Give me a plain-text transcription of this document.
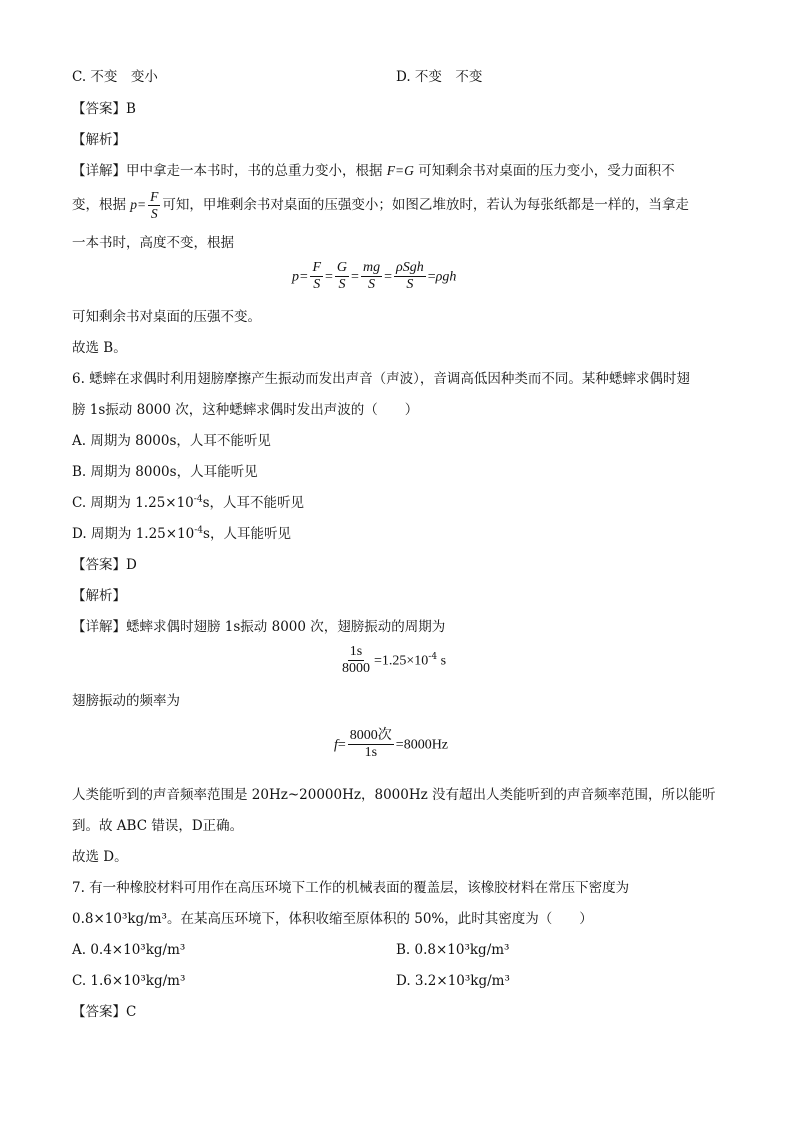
C. 不变　变小	D. 不变　不变
【答案】B
【解析】
【详解】甲中拿走一本书时，书的总重力变小，根据 F=G 可知剩余书对桌面的压力变小，受力面积不
变，根据 $p= \frac{F}{S}$ 可知，甲堆剩余书对桌面的压强变小；如图乙堆放时，若认为每张纸都是一样的，当拿走
一本书时，高度不变，根据
$p= \frac{F}{S} = \frac{G}{S} = \frac{mg}{S} = \frac{\text{ρSgh}}{S} =\rho gh$
可知剩余书对桌面的压强不变。
故选 B。
6. 蟋蟀在求偶时利用翅膀摩擦产生振动而发出声音（声波），音调高低因种类而不同。某种蟋蟀求偶时翅
膀 1s振动 8000 次，这种蟋蟀求偶时发出声波的（　　）
A. 周期为 8000s，人耳不能听见
B. 周期为 8000s，人耳能听见
C. 周期为 $1.25\times 10^{-4}s$，人耳不能听见
D. 周期为 $1.25\times 10^{-4}s$，人耳能听见
【答案】D
【解析】
【详解】蟋蟀求偶时翅膀 1s振动 8000 次，翅膀振动的周期为
$\frac{1s}{8000} =1.25\times 10^{-4}$ s
翅膀振动的频率为
$f= \frac{\text{8000次}}{1s} =8000Hz$
人类能听到的声音频率范围是 20Hz~20000Hz，8000Hz 没有超出人类能听到的声音频率范围，所以能听
到。故 ABC 错误，D正确。
故选 D。
7. 有一种橡胶材料可用作在高压环境下工作的机械表面的覆盖层，该橡胶材料在常压下密度为
0.8×10³kg/m³。在某高压环境下，体积收缩至原体积的 50%，此时其密度为（　　）
A. 0.4×10³kg/m³	B. 0.8×10³kg/m³
C. 1.6×10³kg/m³	D. 3.2×10³kg/m³
【答案】C
